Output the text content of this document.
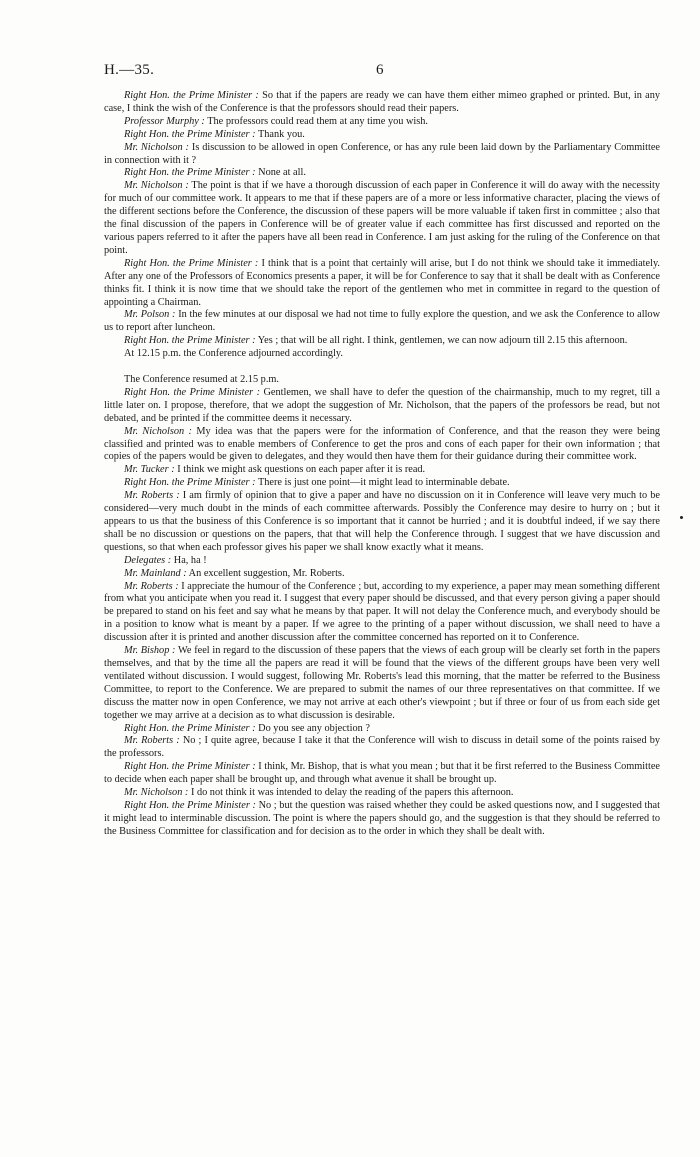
H.—35.	6

Right Hon. the Prime Minister : So that if the papers are ready we can have them either mimeo graphed or printed. But, in any case, I think the wish of the Conference is that the professors should read their papers.

Professor Murphy : The professors could read them at any time you wish.

Right Hon. the Prime Minister : Thank you.

Mr. Nicholson : Is discussion to be allowed in open Conference, or has any rule been laid down by the Parliamentary Committee in connection with it ?

Right Hon. the Prime Minister : None at all.

Mr. Nicholson : The point is that if we have a thorough discussion of each paper in Conference it will do away with the necessity for much of our committee work. It appears to me that if these papers are of a more or less informative character, placing the views of the different sections before the Conference, the discussion of these papers will be more valuable if taken first in committee ; also that the final discussion of the papers in Conference will be of greater value if each committee has first discussed and reported on the various papers referred to it after the papers have all been read in Conference. I am just asking for the ruling of the Conference on that point.

Right Hon. the Prime Minister : I think that is a point that certainly will arise, but I do not think we should take it immediately. After any one of the Professors of Economics presents a paper, it will be for Conference to say that it shall be dealt with as Conference thinks fit. I think it is now time that we should take the report of the gentlemen who met in committee in regard to the question of appointing a Chairman.

Mr. Polson : In the few minutes at our disposal we had not time to fully explore the question, and we ask the Conference to allow us to report after luncheon.

Right Hon. the Prime Minister : Yes ; that will be all right. I think, gentlemen, we can now adjourn till 2.15 this afternoon.

At 12.15 p.m. the Conference adjourned accordingly.

The Conference resumed at 2.15 p.m.

Right Hon. the Prime Minister : Gentlemen, we shall have to defer the question of the chairmanship, much to my regret, till a little later on. I propose, therefore, that we adopt the suggestion of Mr. Nicholson, that the papers of the professors be read, but not debated, and be printed if the committee deems it necessary.

Mr. Nicholson : My idea was that the papers were for the information of Conference, and that the reason they were being classified and printed was to enable members of Conference to get the pros and cons of each paper for their own information ; that copies of the papers would be given to delegates, and they would then have them for their guidance during their committee work.

Mr. Tucker : I think we might ask questions on each paper after it is read.

Right Hon. the Prime Minister : There is just one point—it might lead to interminable debate.

Mr. Roberts : I am firmly of opinion that to give a paper and have no discussion on it in Conference will leave very much to be considered—very much doubt in the minds of each committee afterwards. Possibly the Conference may desire to hurry on ; but it appears to us that the business of this Conference is so important that it cannot be hurried ; and it is doubtful indeed, if we say there shall be no discussion or questions on the papers, that that will help the Conference through. I suggest that we have discussion and questions, so that when each professor gives his paper we shall know exactly what it means.

Delegates : Ha, ha !

Mr. Mainland : An excellent suggestion, Mr. Roberts.

Mr. Roberts : I appreciate the humour of the Conference ; but, according to my experience, a paper may mean something different from what you anticipate when you read it. I suggest that every paper should be discussed, and that every person giving a paper should be prepared to stand on his feet and say what he means by that paper. It will not delay the Conference much, and everybody should be in a position to know what is meant by a paper. If we agree to the printing of a paper without discussion, we shall need to have a discussion after it is printed and another discussion after the committee concerned has reported on it to Conference.

Mr. Bishop : We feel in regard to the discussion of these papers that the views of each group will be clearly set forth in the papers themselves, and that by the time all the papers are read it will be found that the views of the different groups have been very well ventilated without discussion. I would suggest, following Mr. Roberts's lead this morning, that the matter be referred to the Business Committee, to report to the Conference. We are prepared to submit the names of our three representatives on that committee. If we discuss the matter now in open Conference, we may not arrive at each other's viewpoint ; but if three or four of us from each side get together we may arrive at a decision as to what discussion is desirable.

Right Hon. the Prime Minister : Do you see any objection ?

Mr. Roberts : No ; I quite agree, because I take it that the Conference will wish to discuss in detail some of the points raised by the professors.

Right Hon. the Prime Minister : I think, Mr. Bishop, that is what you mean ; but that it be first referred to the Business Committee to decide when each paper shall be brought up, and through what avenue it shall be brought up.

Mr. Nicholson : I do not think it was intended to delay the reading of the papers this afternoon.

Right Hon. the Prime Minister : No ; but the question was raised whether they could be asked questions now, and I suggested that it might lead to interminable discussion. The point is where the papers should go, and the suggestion is that they should be referred to the Business Committee for classification and for decision as to the order in which they shall be dealt with.
